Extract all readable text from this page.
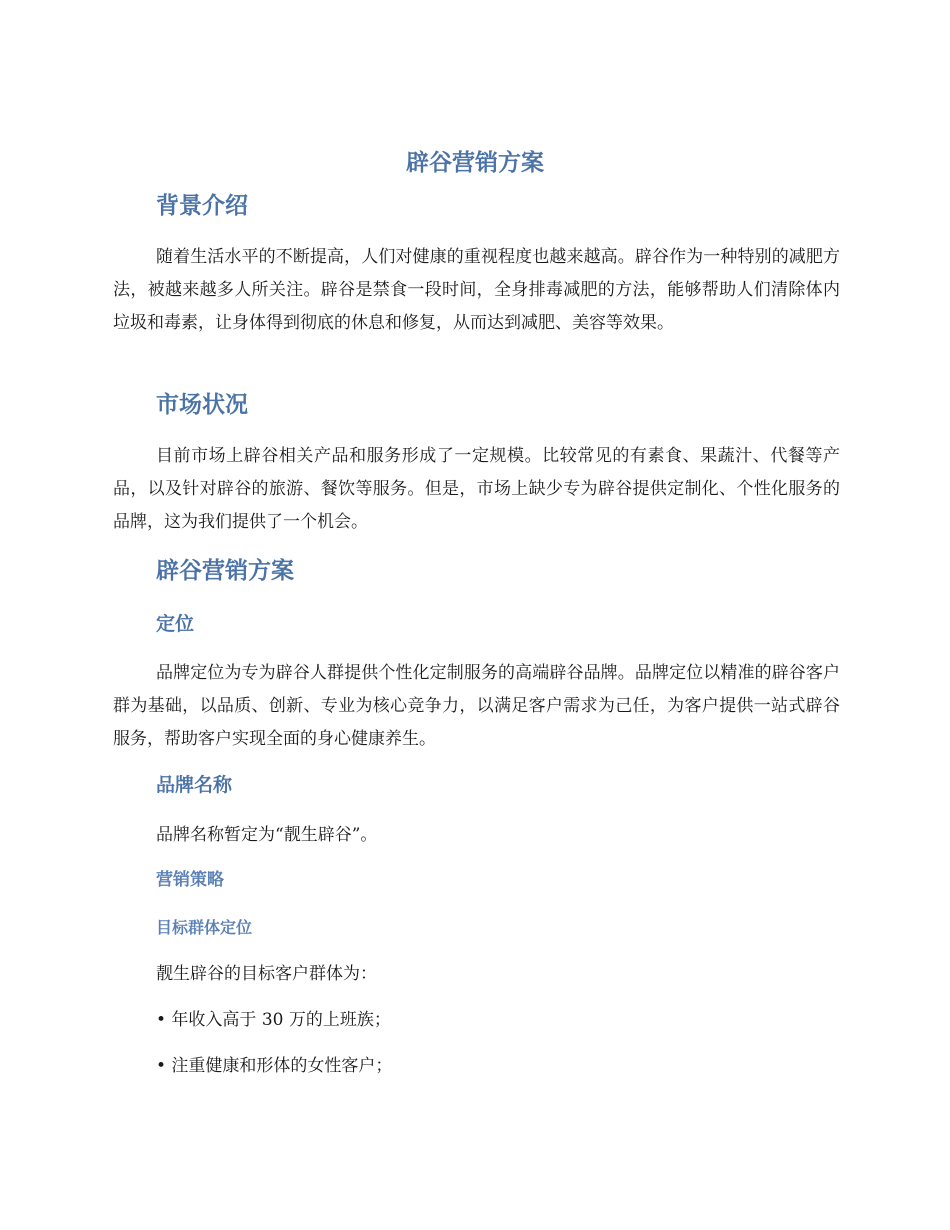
辟谷营销方案
背景介绍

随着生活水平的不断提高，人们对健康的重视程度也越来越高。辟谷作为一种特别的减肥方法，被越来越多人所关注。辟谷是禁食一段时间，全身排毒减肥的方法，能够帮助人们清除体内垃圾和毒素，让身体得到彻底的休息和修复，从而达到减肥、美容等效果。

市场状况

目前市场上辟谷相关产品和服务形成了一定规模。比较常见的有素食、果蔬汁、代餐等产品，以及针对辟谷的旅游、餐饮等服务。但是，市场上缺少专为辟谷提供定制化、个性化服务的品牌，这为我们提供了一个机会。

辟谷营销方案
定位

品牌定位为专为辟谷人群提供个性化定制服务的高端辟谷品牌。品牌定位以精准的辟谷客户群为基础，以品质、创新、专业为核心竞争力，以满足客户需求为己任，为客户提供一站式辟谷服务，帮助客户实现全面的身心健康养生。

品牌名称

品牌名称暂定为“靓生辟谷”。

营销策略
目标群体定位

靓生辟谷的目标客户群体为：

• 年收入高于 30 万的上班族；

• 注重健康和形体的女性客户；
